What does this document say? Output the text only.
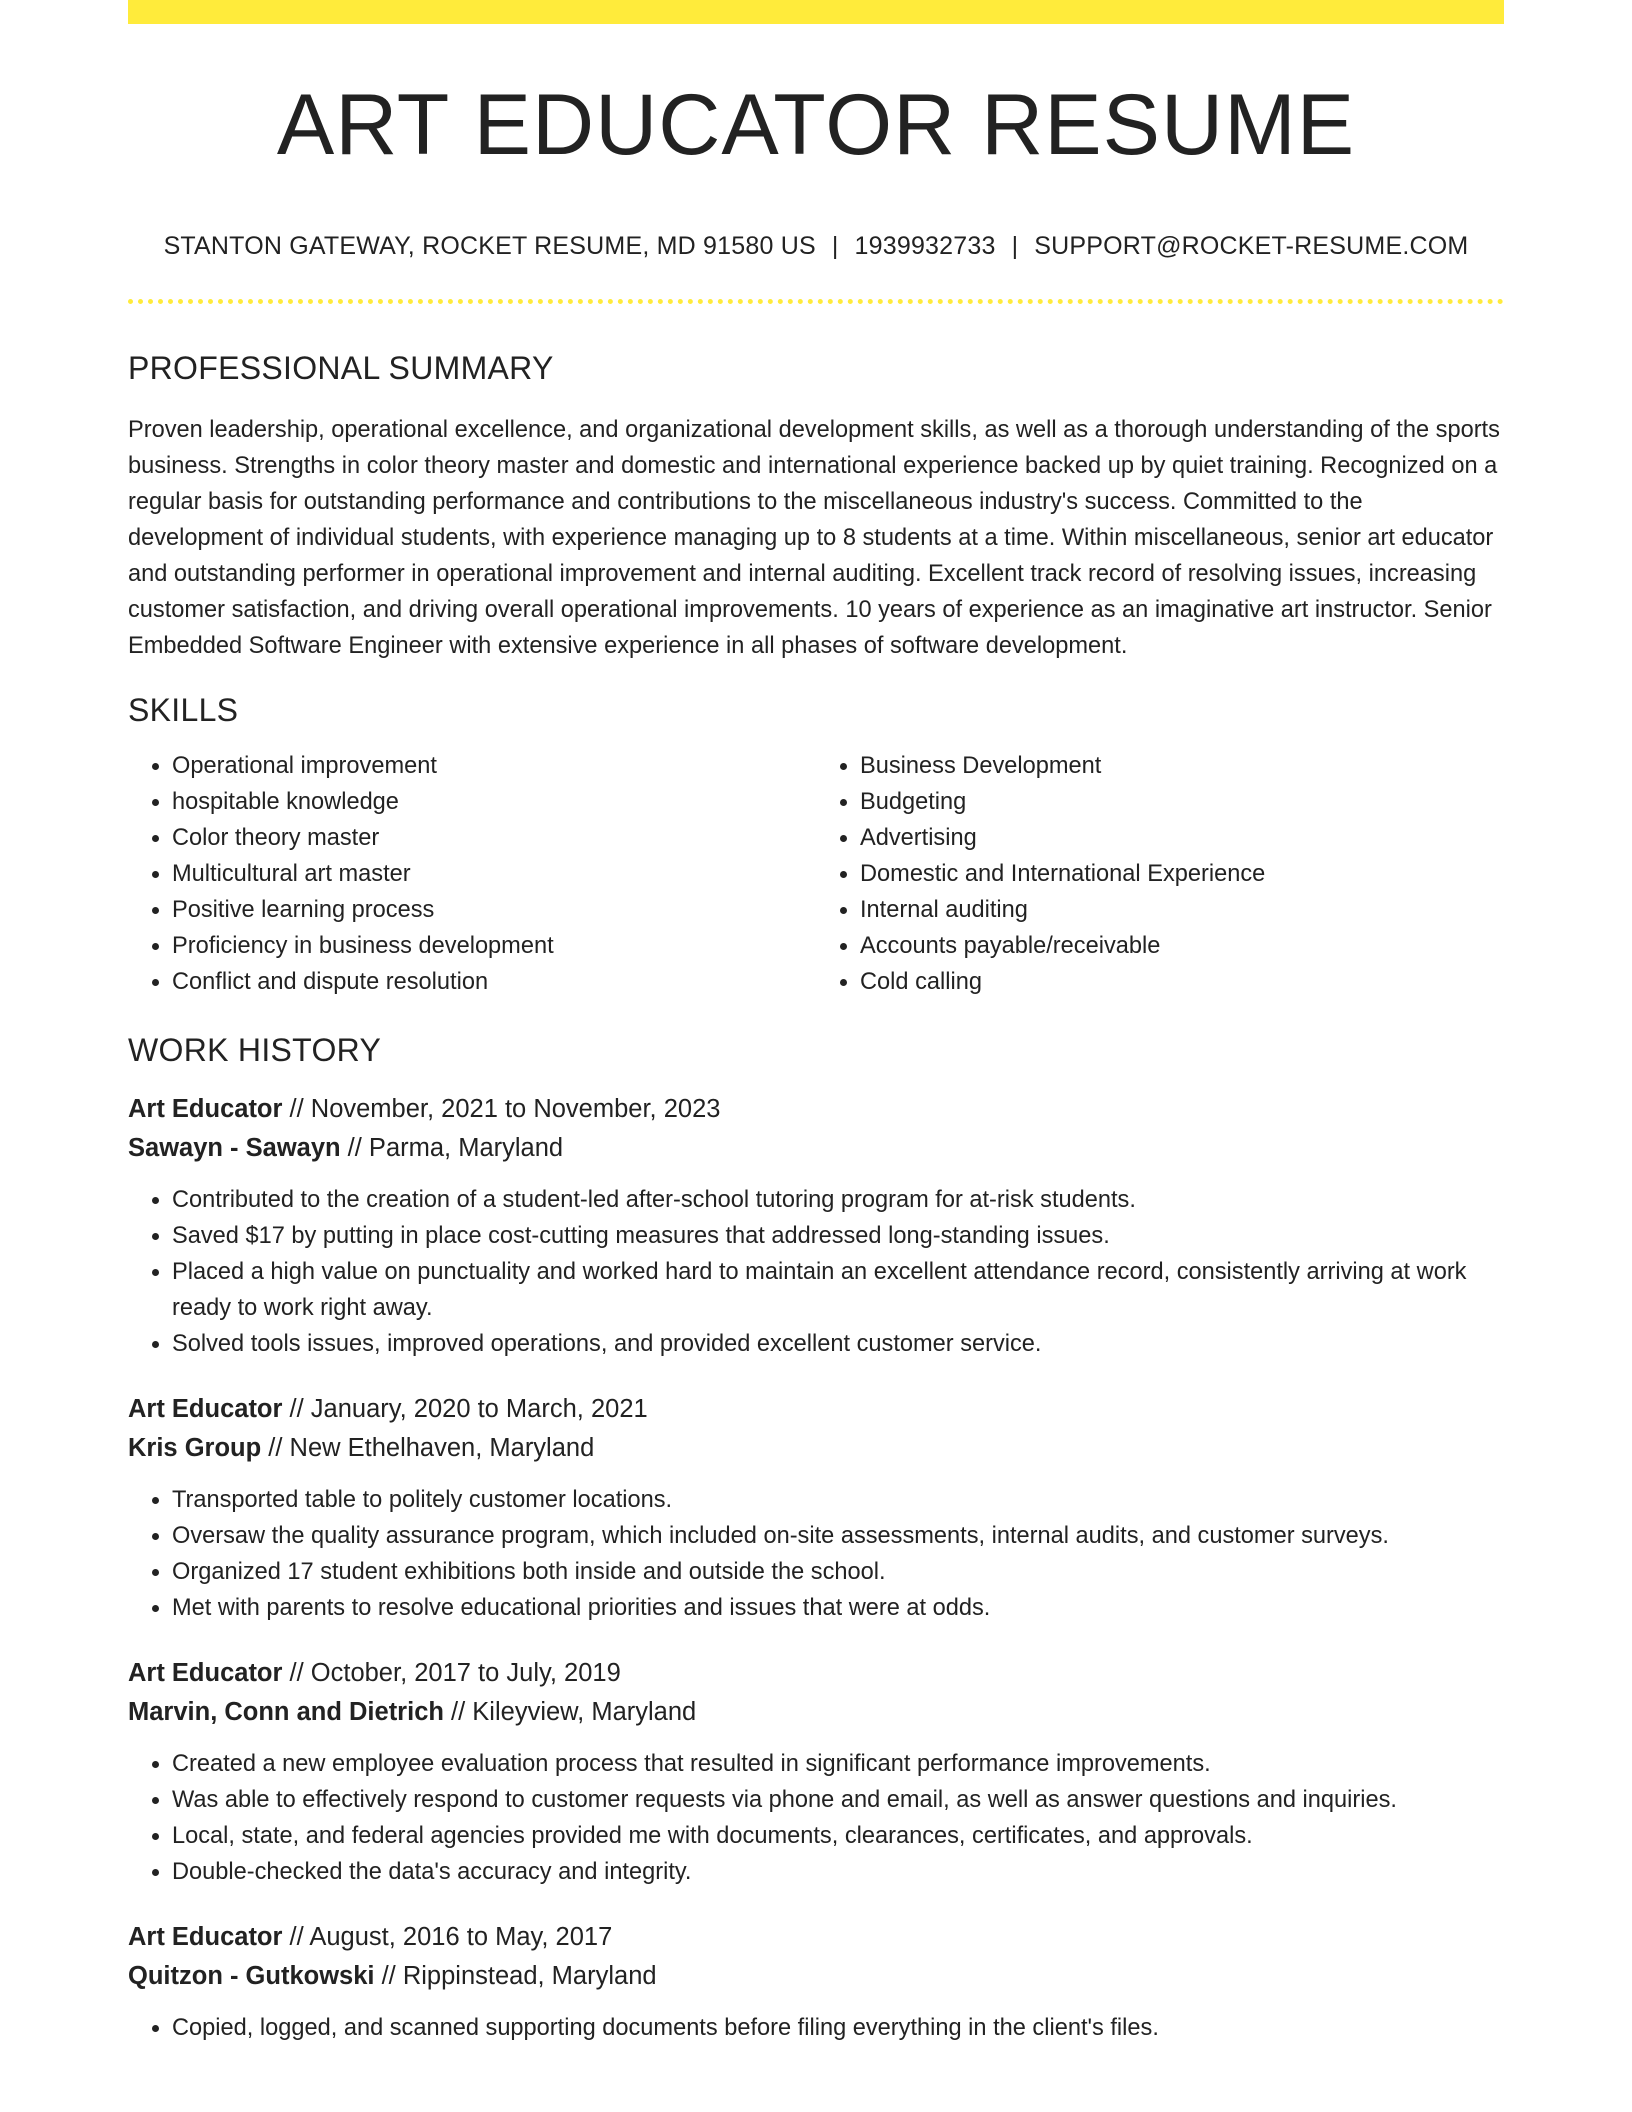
ART EDUCATOR RESUME
STANTON GATEWAY, ROCKET RESUME, MD 91580 US | 1939932733 | SUPPORT@ROCKET-RESUME.COM
PROFESSIONAL SUMMARY

Proven leadership, operational excellence, and organizational development skills, as well as a thorough understanding of the sports business. Strengths in color theory master and domestic and international experience backed up by quiet training. Recognized on a regular basis for outstanding performance and contributions to the miscellaneous industry's success. Committed to the development of individual students, with experience managing up to 8 students at a time. Within miscellaneous, senior art educator and outstanding performer in operational improvement and internal auditing. Excellent track record of resolving issues, increasing customer satisfaction, and driving overall operational improvements. 10 years of experience as an imaginative art instructor. Senior Embedded Software Engineer with extensive experience in all phases of software development.

SKILLS
• Operational improvement
• hospitable knowledge
• Color theory master
• Multicultural art master
• Positive learning process
• Proficiency in business development
• Conflict and dispute resolution
• Business Development
• Budgeting
• Advertising
• Domestic and International Experience
• Internal auditing
• Accounts payable/receivable
• Cold calling
WORK HISTORY
Art Educator // November, 2021 to November, 2023
Sawayn - Sawayn // Parma, Maryland
• Contributed to the creation of a student-led after-school tutoring program for at-risk students.
• Saved $17 by putting in place cost-cutting measures that addressed long-standing issues.
• Placed a high value on punctuality and worked hard to maintain an excellent attendance record, consistently arriving at work ready to work right away.
• Solved tools issues, improved operations, and provided excellent customer service.
Art Educator // January, 2020 to March, 2021
Kris Group // New Ethelhaven, Maryland
• Transported table to politely customer locations.
• Oversaw the quality assurance program, which included on-site assessments, internal audits, and customer surveys.
• Organized 17 student exhibitions both inside and outside the school.
• Met with parents to resolve educational priorities and issues that were at odds.
Art Educator // October, 2017 to July, 2019
Marvin, Conn and Dietrich // Kileyview, Maryland
• Created a new employee evaluation process that resulted in significant performance improvements.
• Was able to effectively respond to customer requests via phone and email, as well as answer questions and inquiries.
• Local, state, and federal agencies provided me with documents, clearances, certificates, and approvals.
• Double-checked the data's accuracy and integrity.
Art Educator // August, 2016 to May, 2017
Quitzon - Gutkowski // Rippinstead, Maryland
• Copied, logged, and scanned supporting documents before filing everything in the client's files.
